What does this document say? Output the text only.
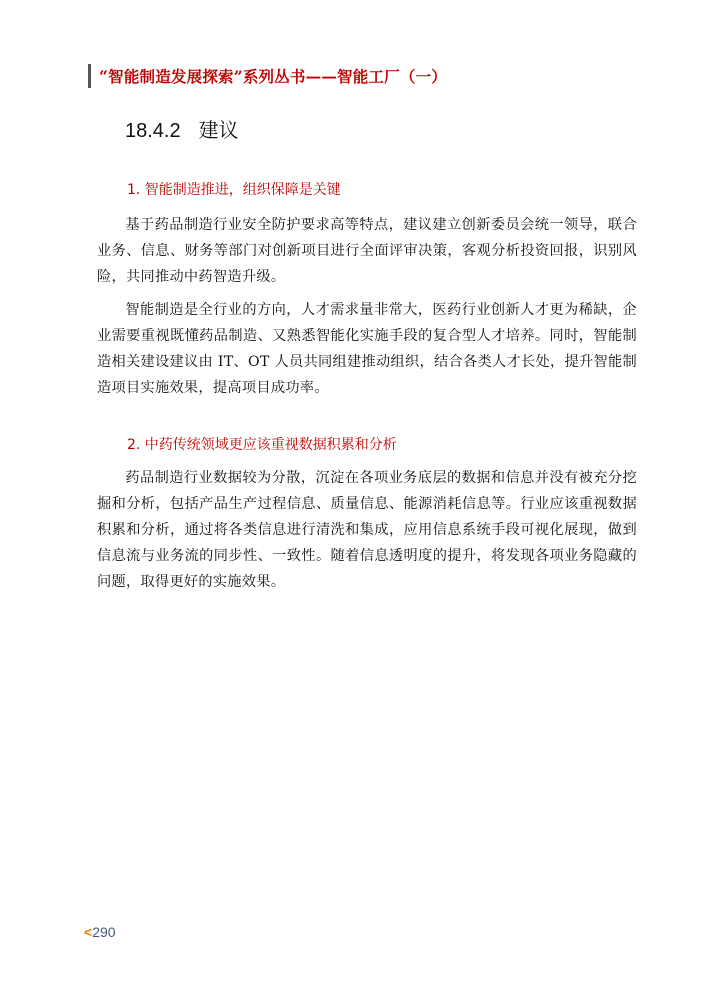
“智能制造发展探索”系列丛书——智能工厂（一）
18.4.2 建议
1. 智能制造推进，组织保障是关键

基于药品制造行业安全防护要求高等特点，建议建立创新委员会统一领导，联合业务、信息、财务等部门对创新项目进行全面评审决策，客观分析投资回报，识别风险，共同推动中药智造升级。

智能制造是全行业的方向，人才需求量非常大，医药行业创新人才更为稀缺，企业需要重视既懂药品制造、又熟悉智能化实施手段的复合型人才培养。同时，智能制造相关建设建议由 IT、OT 人员共同组建推动组织，结合各类人才长处，提升智能制造项目实施效果，提高项目成功率。

2. 中药传统领域更应该重视数据积累和分析

药品制造行业数据较为分散，沉淀在各项业务底层的数据和信息并没有被充分挖掘和分析，包括产品生产过程信息、质量信息、能源消耗信息等。行业应该重视数据积累和分析，通过将各类信息进行清洗和集成，应用信息系统手段可视化展现，做到信息流与业务流的同步性、一致性。随着信息透明度的提升，将发现各项业务隐藏的问题，取得更好的实施效果。

<290
